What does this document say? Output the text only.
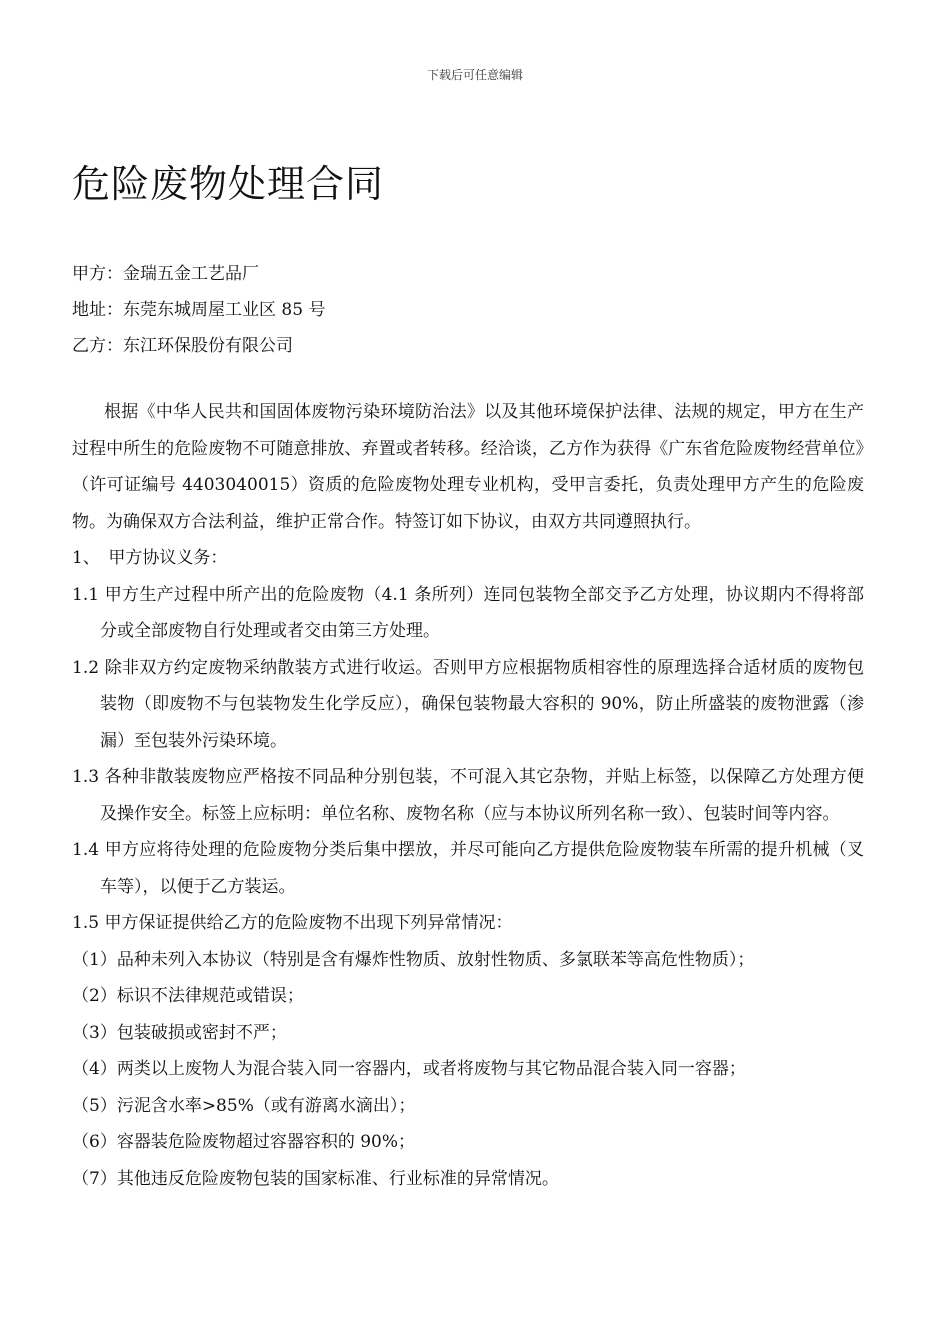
下载后可任意编辑
危险废物处理合同
甲方：金瑞五金工艺品厂
地址：东莞东城周屋工业区 85 号
乙方：东江环保股份有限公司

根据《中华人民共和国固体废物污染环境防治法》以及其他环境保护法律、法规的规定，甲方在生产过程中所生的危险废物不可随意排放、弃置或者转移。经洽谈，乙方作为获得《广东省危险废物经营单位》（许可证编号 4403040015）资质的危险废物处理专业机构，受甲言委托，负责处理甲方产生的危险废物。为确保双方合法利益，维护正常合作。特签订如下协议，由双方共同遵照执行。

1、　甲方协议义务：

1.1 甲方生产过程中所产出的危险废物（4.1 条所列）连同包装物全部交予乙方处理，协议期内不得将部分或全部废物自行处理或者交由第三方处理。

1.2 除非双方约定废物采纳散装方式进行收运。否则甲方应根据物质相容性的原理选择合适材质的废物包装物（即废物不与包装物发生化学反应），确保包装物最大容积的 90%，防止所盛装的废物泄露（渗漏）至包装外污染环境。

1.3 各种非散装废物应严格按不同品种分别包装，不可混入其它杂物，并贴上标签，以保障乙方处理方便及操作安全。标签上应标明：单位名称、废物名称（应与本协议所列名称一致）、包装时间等内容。

1.4 甲方应将待处理的危险废物分类后集中摆放，并尽可能向乙方提供危险废物装车所需的提升机械（叉车等），以便于乙方装运。

1.5 甲方保证提供给乙方的危险废物不出现下列异常情况：

（1）品种未列入本协议（特别是含有爆炸性物质、放射性物质、多氯联苯等高危性物质）；

（2）标识不法律规范或错误；

（3）包装破损或密封不严；

（4）两类以上废物人为混合装入同一容器内，或者将废物与其它物品混合装入同一容器；

（5）污泥含水率>85%（或有游离水滴出）；

（6）容器装危险废物超过容器容积的 90%；

（7）其他违反危险废物包装的国家标准、行业标准的异常情况。
